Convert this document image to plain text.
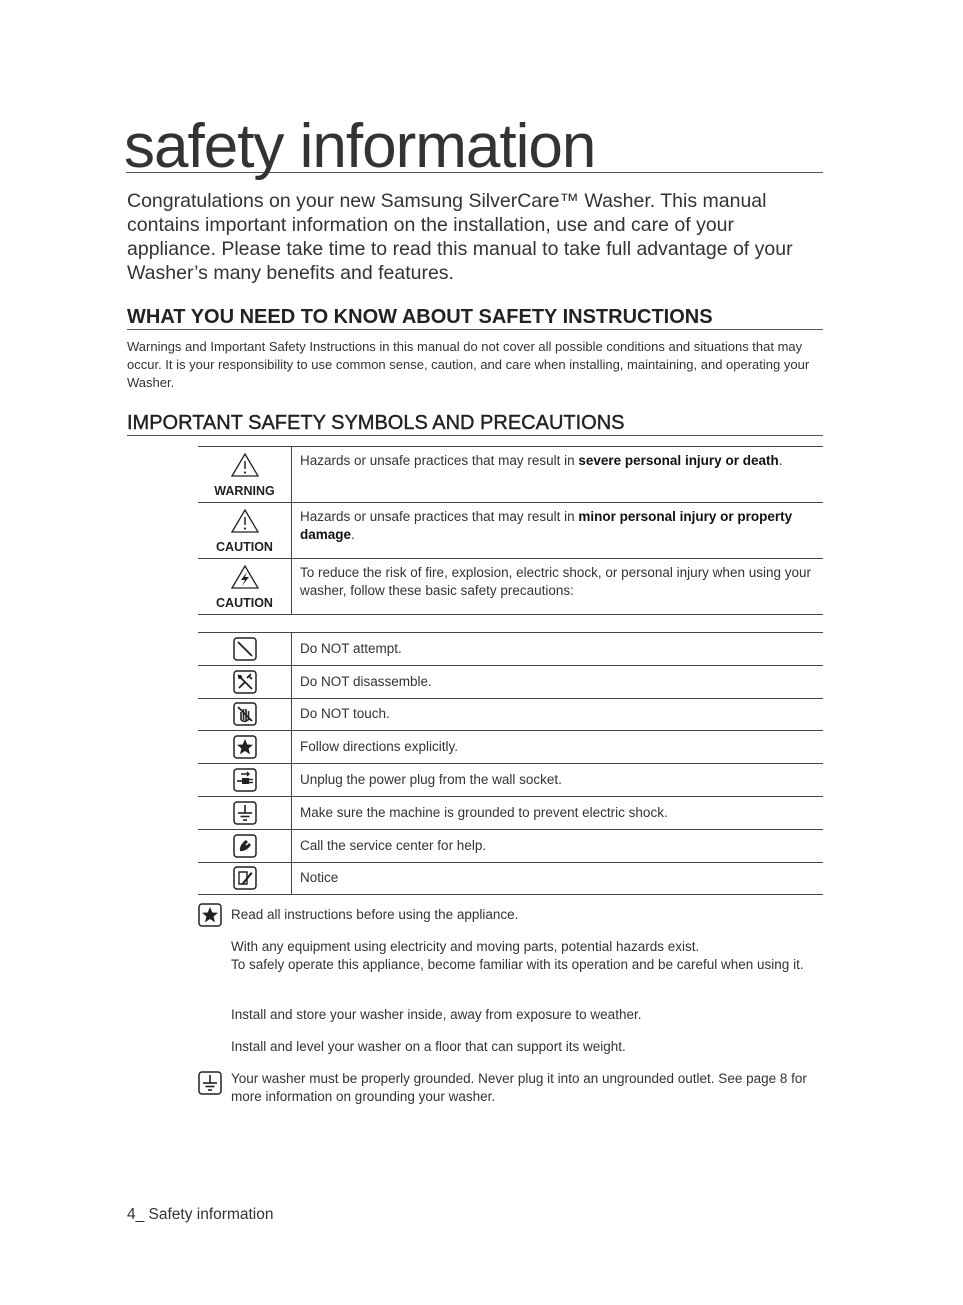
safety information

Congratulations on your new Samsung SilverCare™ Washer. This manual contains important information on the installation, use and care of your appliance. Please take time to read this manual to take full advantage of your Washer’s many benefits and features.

WHAT YOU NEED TO KNOW ABOUT SAFETY INSTRUCTIONS

Warnings and Important Safety Instructions in this manual do not cover all possible conditions and situations that may occur. It is your responsibility to use common sense, caution, and care when installing, maintaining, and operating your Washer.

IMPORTANT SAFETY SYMBOLS AND PRECAUTIONS
WARNING	Hazards or unsafe practices that may result in severe personal injury or death.

CAUTION	Hazards or unsafe practices that may result in minor personal injury or property damage.

CAUTION	To reduce the risk of fire, explosion, electric shock, or personal injury when using your washer, follow these basic safety precautions:
	Do NOT attempt.
	Do NOT disassemble.
	Do NOT touch.
	Follow directions explicitly.
	Unplug the power plug from the wall socket.
	Make sure the machine is grounded to prevent electric shock.
	Call the service center for help.
	Notice

Read all instructions before using the appliance.

With any equipment using electricity and moving parts, potential hazards exist.
To safely operate this appliance, become familiar with its operation and be careful when using it.

Install and store your washer inside, away from exposure to weather.

Install and level your washer on a floor that can support its weight.

Your washer must be properly grounded. Never plug it into an ungrounded outlet. See page 8 for more information on grounding your washer.

4_ Safety information
